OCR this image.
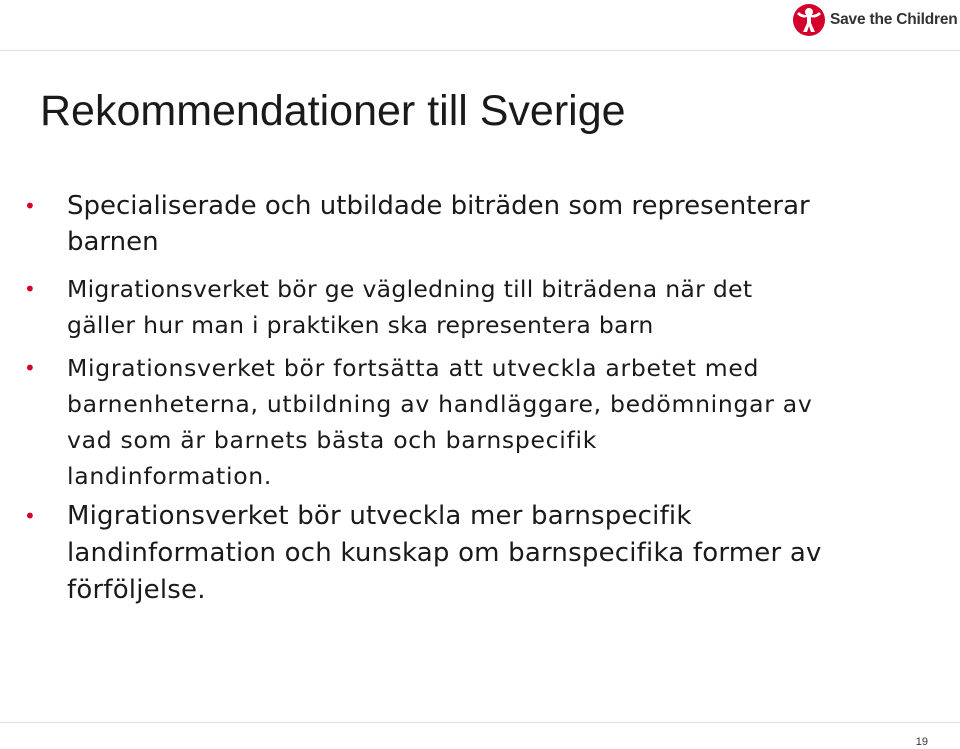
Save the Children
Rekommendationer till Sverige
• Specialiserade och utbildade biträden som representerar
barnen
• Migrationsverket bör ge vägledning till biträdena när det
gäller hur man i praktiken ska representera barn
• Migrationsverket bör fortsätta att utveckla arbetet med
barnenheterna, utbildning av handläggare, bedömningar av
vad som är barnets bästa och barnspecifik
landinformation.
• Migrationsverket bör utveckla mer barnspecifik
landinformation och kunskap om barnspecifika former av
förföljelse.
19
